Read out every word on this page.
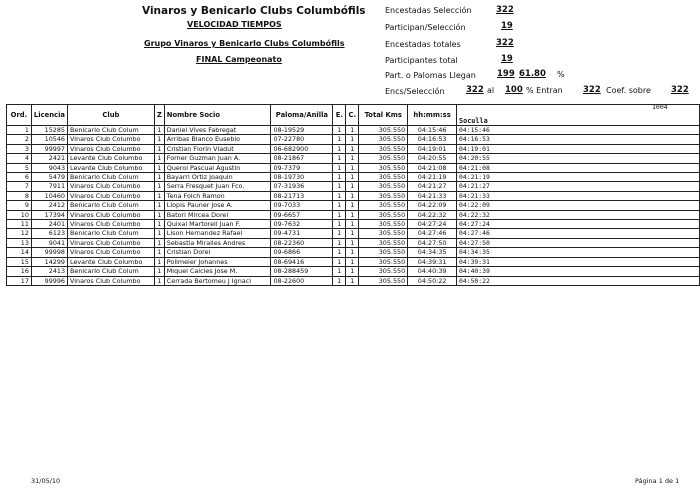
Vinaros y Benicarlo Clubs Columbófils
VELOCIDAD TIEMPOS
Grupo Vinaros y Benicarlo Clubs Columbófils
FINAL Campeonato
Encestadas Selección	322
Participan/Selección	19
Encestadas totales	322
Participantes total	19
Part. o Palomas Llegan 199 61.80 %
Encs/Selección	322 al 100 % Entran 322 Coef. sobre 322
1004
Ord.	Licencia	Club	Z	Nombre Socio	Paloma/Anilla	E.	C.	Total Kms	hh:mm:ss	Soculla
1	15285	Benicarlo Club Colum	1	Daniel Vives Fabregat	08-19529	1	1	305.550	04:15:46	04:15:46
2	10546	Vinaros Club Columbo	1	Arribas Blanco Eusebio	07-22780	1	1	305.550	04:16:53	04:16:53
3	99997	Vinaros Club Columbo	1	Cristian Florin Vladut	06-682900	1	1	305.550	04:19:01	04:19:01
4	2421	Levante Club Columbo	1	Forner Guzman Juan A.	08-21867	1	1	305.550	04:20:55	04:20:55
5	9043	Levante Club Columbo	1	Querol Pascual Agustin	09-7379	1	1	305.550	04:21:08	04:21:08
6	5479	Benicarlo Club Colum	1	Bayarri Ortiz Joaquin	08-19730	1	1	305.550	04:21:19	04:21:19
7	7911	Vinaros Club Columbo	1	Serra Fresquet Juan Fco.	07-31936	1	1	305.550	04:21:27	04:21:27
8	10460	Vinaros Club Columbo	1	Tena Folch Ramon	08-21713	1	1	305.550	04:21:33	04:21:33
9	2412	Benicarlo Club Colum	1	Llopis Pauner Jose A.	09-7033	1	1	305.550	04:22:09	04:22:09
10	17394	Vinaros Club Columbo	1	Batori Mircea Dorel	09-6657	1	1	305.550	04:22:32	04:22:32
11	2401	Vinaros Club Columbo	1	Quixal Martorell Juan F.	09-7632	1	1	305.550	04:27:24	04:27:24
12	6123	Benicarlo Club Colum	1	Lison Hernandez Rafael	09-4731	1	1	305.550	04:27:46	04:27:46
13	9041	Vinaros Club Columbo	1	Sebastia Miralles Andres	08-22360	1	1	305.550	04:27:50	04:27:50
14	99998	Vinaros Club Columbo	1	Cristian Dorel	09-6866	1	1	305.550	04:34:35	04:34:35
15	14299	Levante Club Columbo	1	Pollmeier Johannes	08-69416	1	1	305.550	04:39:31	04:39:31
16	2413	Benicarlo Club Colum	1	Miquel Calcles Jose M.	08-288459	1	1	305.550	04:40:39	04:40:39
17	99996	Vinaros Club Columbo	1	Cerrada Bertomeu J Ignaci	08-22600	1	1	305.550	04:50:22	04:50:22
31/05/10	Página 1 de 1
